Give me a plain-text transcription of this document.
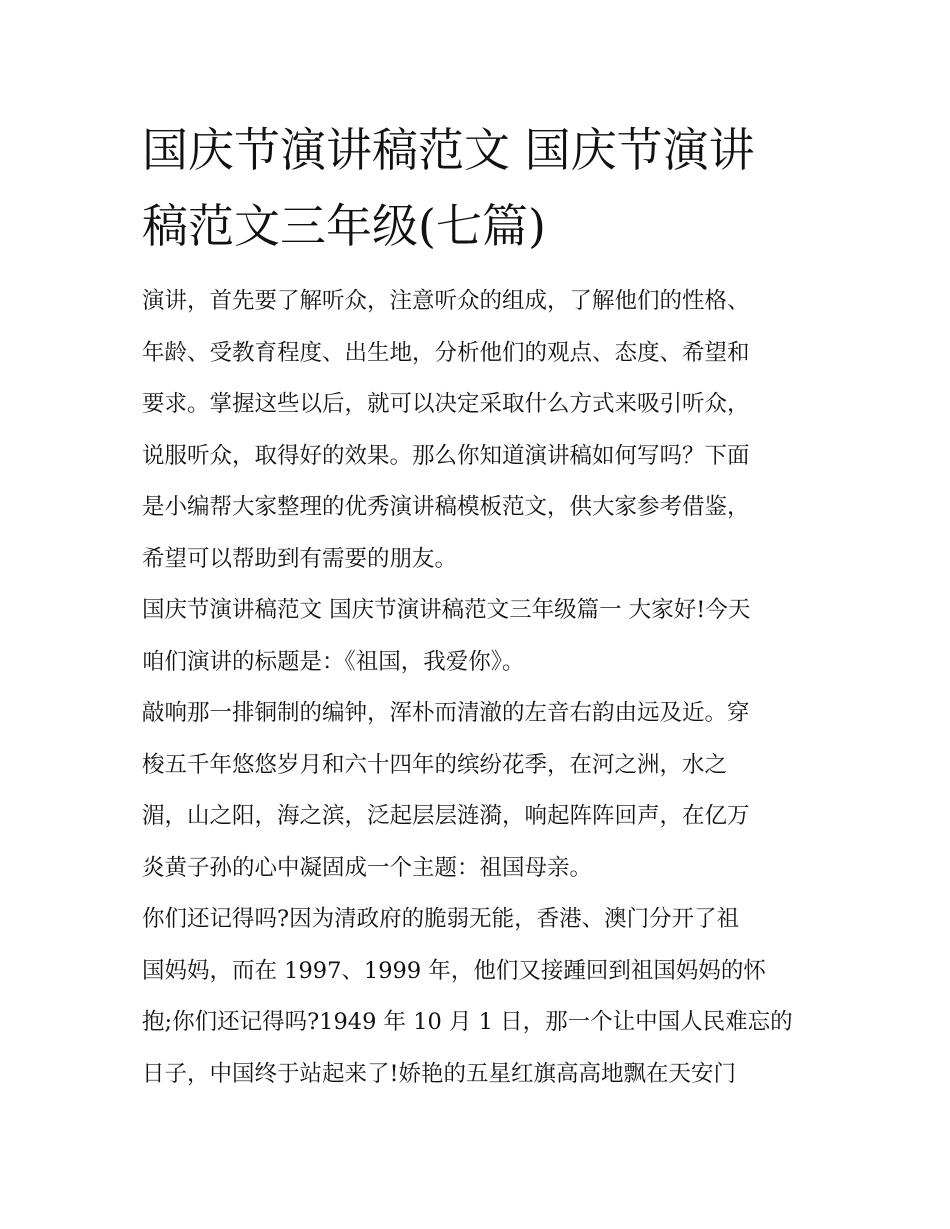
国庆节演讲稿范文 国庆节演讲
稿范文三年级(七篇)

演讲，首先要了解听众，注意听众的组成，了解他们的性格、
年龄、受教育程度、出生地，分析他们的观点、态度、希望和
要求。掌握这些以后，就可以决定采取什么方式来吸引听众，
说服听众，取得好的效果。那么你知道演讲稿如何写吗？下面
是小编帮大家整理的优秀演讲稿模板范文，供大家参考借鉴，
希望可以帮助到有需要的朋友。

国庆节演讲稿范文 国庆节演讲稿范文三年级篇一 大家好!今天
咱们演讲的标题是：《祖国，我爱你》。

敲响那一排铜制的编钟，浑朴而清澈的左音右韵由远及近。穿
梭五千年悠悠岁月和六十四年的缤纷花季，在河之洲，水之
湄，山之阳，海之滨，泛起层层涟漪，响起阵阵回声，在亿万
炎黄子孙的心中凝固成一个主题：祖国母亲。

你们还记得吗?因为清政府的脆弱无能，香港、澳门分开了祖
国妈妈，而在 1997、1999 年，他们又接踵回到祖国妈妈的怀
抱;你们还记得吗?1949 年 10 月 1 日，那一个让中国人民难忘的
日子，中国终于站起来了!娇艳的五星红旗高高地飘在天安门
